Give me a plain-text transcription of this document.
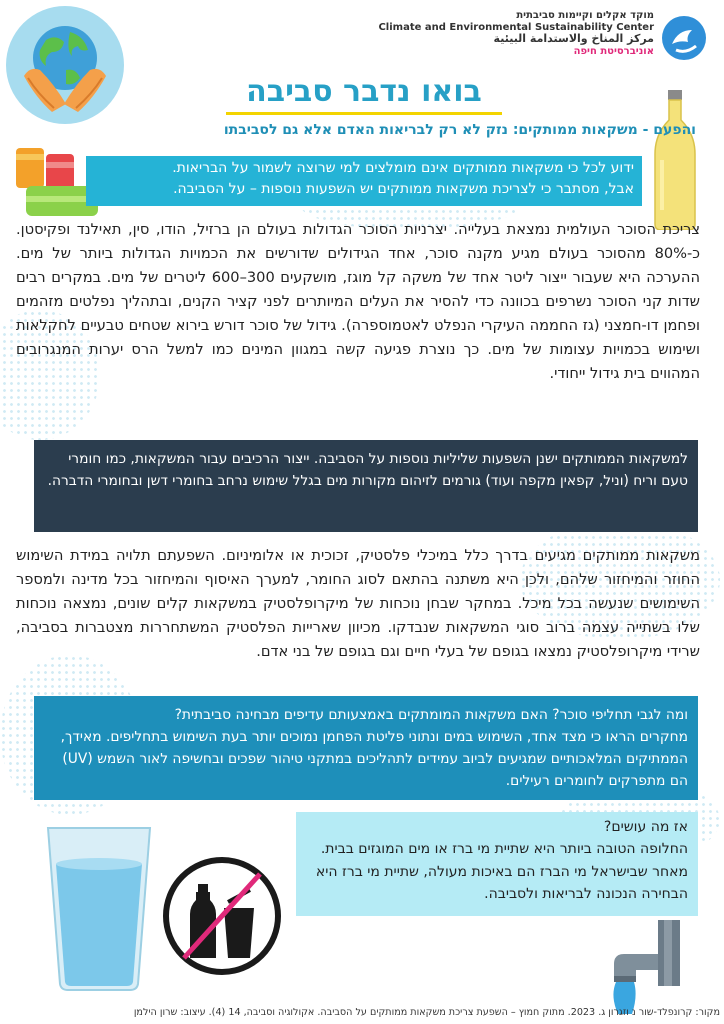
מוקד אקלים וקיימות סביבתית
Climate and Environmental Sustainability Center
مركز المناخ والاستدامة البيئية
אוניברסיטת חיפה
בואו נדבר סביבה
והפעם - משקאות ממותקים: נזק לא רק לבריאות האדם אלא גם לסביבתו
ידוע לכל כי משקאות ממותקים אינם מומלצים למי שרוצה לשמור על הבריאות.
אבל, מסתבר כי לצריכת משקאות ממותקים יש השפעות נוספות – על הסביבה.
צריכת הסוכר העולמית נמצאת בעלייה. יצרניות הסוכר הגדולות בעולם הן ברזיל, הודו, סין, תאילנד ופקיסטן. כ-80% מהסוכר בעולם מגיע מקנה סוכר, אחד הגידולים שדורשים את הכמויות הגדולות ביותר של מים. ההערכה היא שעבור ייצור ליטר אחד של משקה קל מוגז, מושקעים 300–600 ליטרים של מים. במקרים רבים שדות קני הסוכר נשרפים בכוונה כדי להסיר את העלים המיותרים לפני קציר הקנים, ובתהליך נפלטים מזהמים ופחמן דו-חמצני (גז החממה העיקרי הנפלט לאטמוספרה). גידול של סוכר דורש בירוא שטחים טבעיים לחקלאות ושימוש בכמויות עצומות של מים. כך נוצרת פגיעה קשה במגוון המינים כמו למשל הרס יערות המנגרובים המהווים בית גידול ייחודי.
למשקאות הממותקים ישנן השפעות שליליות נוספות על הסביבה. ייצור הרכיבים עבור המשקאות, כמו חומרי טעם וריח (וניל, קפאין מקפה ועוד) גורמים לזיהום מקורות מים בגלל שימוש נרחב בחומרי דשן ובחומרי הדברה.
משקאות ממותקים מגיעים בדרך כלל במיכלי פלסטיק, זכוכית או אלומיניום. השפעתם תלויה במידת השימוש החוזר והמיחזור שלהם, ולכן היא משתנה בהתאם לסוג החומר, למערך האיסוף והמיחזור בכל מדינה ולמספר השימושים שנעשה בכל מיכל. במחקר שבחן נוכחות של מיקרופלסטיק במשקאות קלים שונים, נמצאה נוכחות שלו בשתייה עצמה ברוב סוגי המשקאות שנבדקו. מכיוון שארייות הפלסטיק המשתחררות מצטברות בסביבה, שרידי מיקרופלסטיק נמצאו בגופם של בעלי חיים וגם בגופם של בני אדם.
ומה לגבי תחליפי סוכר? האם משקאות המומתקים באמצעותם עדיפים מבחינה סביבתית?
מחקרים הראו כי מצד אחד, השימוש במים ונתוני פליטת הפחמן נמוכים יותר בעת השימוש בתחליפים. מאידך, הממתיקים המלאכותיים שמגיעים לביוב עמידים לתהליכים במתקני טיהור שפכים ובחשיפה לאור השמש (UV) הם מתפרקים לחומרים רעילים.
אז מה עושים?
החלופה הטובה ביותר היא שתיית מי ברז או מים המוגזים בבית. מאחר שבישראל מי הברז הם באיכות מעולה, שתיית מי ברז היא הבחירה הנכונה לבריאות ולסביבה.
מקור: קרונפלד-שור נ וזגרון ג. 2023. מתוק חמוץ – השפעת צריכת משקאות ממותקים על הסביבה. אקולוגיה וסביבה, 14 (4). עיצוב: שרון הילמן
